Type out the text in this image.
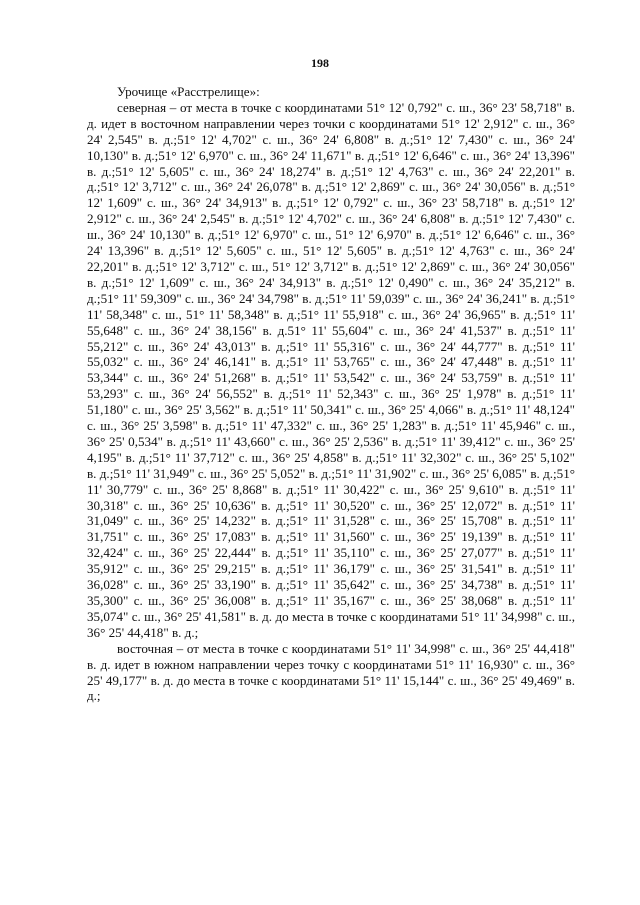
198

Урочище «Расстрелище»:

северная – от места в точке с координатами 51° 12' 0,792" с. ш., 36° 23' 58,718" в. д. идет в восточном направлении через точки с координатами 51° 12' 2,912" с. ш., 36° 24' 2,545" в. д.;51° 12' 4,702" с. ш., 36° 24' 6,808" в. д.;51° 12' 7,430" с. ш., 36° 24' 10,130" в. д.;51° 12' 6,970" с. ш., 36° 24' 11,671" в. д.;51° 12' 6,646" с. ш., 36° 24' 13,396" в. д.;51° 12' 5,605" с. ш., 36° 24' 18,274" в. д.;51° 12' 4,763" с. ш., 36° 24' 22,201" в. д.;51° 12' 3,712" с. ш., 36° 24' 26,078" в. д.;51° 12' 2,869" с. ш., 36° 24' 30,056" в. д.;51° 12' 1,609" с. ш., 36° 24' 34,913" в. д.;51° 12' 0,792" с. ш., 36° 23' 58,718" в. д.;51° 12' 2,912" с. ш., 36° 24' 2,545" в. д.;51° 12' 4,702" с. ш., 36° 24' 6,808" в. д.;51° 12' 7,430" с. ш., 36° 24' 10,130" в. д.;51° 12' 6,970" с. ш., 51° 12' 6,970" в. д.;51° 12' 6,646" с. ш., 36° 24' 13,396" в. д.;51° 12' 5,605" с. ш., 51° 12' 5,605" в. д.;51° 12' 4,763" с. ш., 36° 24' 22,201" в. д.;51° 12' 3,712" с. ш., 51° 12' 3,712" в. д.;51° 12' 2,869" с. ш., 36° 24' 30,056" в. д.;51° 12' 1,609" с. ш., 36° 24' 34,913" в. д.;51° 12' 0,490" с. ш., 36° 24' 35,212" в. д.;51° 11' 59,309" с. ш., 36° 24' 34,798" в. д.;51° 11' 59,039" с. ш., 36° 24' 36,241" в. д.;51° 11' 58,348" с. ш., 51° 11' 58,348" в. д.;51° 11' 55,918" с. ш., 36° 24' 36,965" в. д.;51° 11' 55,648" с. ш., 36° 24' 38,156" в. д.51° 11' 55,604" с. ш., 36° 24' 41,537" в. д.;51° 11' 55,212" с. ш., 36° 24' 43,013" в. д.;51° 11' 55,316" с. ш., 36° 24' 44,777" в. д.;51° 11' 55,032" с. ш., 36° 24' 46,141" в. д.;51° 11' 53,765" с. ш., 36° 24' 47,448" в. д.;51° 11' 53,344" с. ш., 36° 24' 51,268" в. д.;51° 11' 53,542" с. ш., 36° 24' 53,759" в. д.;51° 11' 53,293" с. ш., 36° 24' 56,552" в. д.;51° 11' 52,343" с. ш., 36° 25' 1,978" в. д.;51° 11' 51,180" с. ш., 36° 25' 3,562" в. д.;51° 11' 50,341" с. ш., 36° 25' 4,066" в. д.;51° 11' 48,124" с. ш., 36° 25' 3,598" в. д.;51° 11' 47,332" с. ш., 36° 25' 1,283" в. д.;51° 11' 45,946" с. ш., 36° 25' 0,534" в. д.;51° 11' 43,660" с. ш., 36° 25' 2,536" в. д.;51° 11' 39,412" с. ш., 36° 25' 4,195" в. д.;51° 11' 37,712" с. ш., 36° 25' 4,858" в. д.;51° 11' 32,302" с. ш., 36° 25' 5,102" в. д.;51° 11' 31,949" с. ш., 36° 25' 5,052" в. д.;51° 11' 31,902" с. ш., 36° 25' 6,085" в. д.;51° 11' 30,779" с. ш., 36° 25' 8,868" в. д.;51° 11' 30,422" с. ш., 36° 25' 9,610" в. д.;51° 11' 30,318" с. ш., 36° 25' 10,636" в. д.;51° 11' 30,520" с. ш., 36° 25' 12,072" в. д.;51° 11' 31,049" с. ш., 36° 25' 14,232" в. д.;51° 11' 31,528" с. ш., 36° 25' 15,708" в. д.;51° 11' 31,751" с. ш., 36° 25' 17,083" в. д.;51° 11' 31,560" с. ш., 36° 25' 19,139" в. д.;51° 11' 32,424" с. ш., 36° 25' 22,444" в. д.;51° 11' 35,110" с. ш., 36° 25' 27,077" в. д.;51° 11' 35,912" с. ш., 36° 25' 29,215" в. д.;51° 11' 36,179" с. ш., 36° 25' 31,541" в. д.;51° 11' 36,028" с. ш., 36° 25' 33,190" в. д.;51° 11' 35,642" с. ш., 36° 25' 34,738" в. д.;51° 11' 35,300" с. ш., 36° 25' 36,008" в. д.;51° 11' 35,167" с. ш., 36° 25' 38,068" в. д.;51° 11' 35,074" с. ш., 36° 25' 41,581" в. д. до места в точке с координатами 51° 11' 34,998" с. ш., 36° 25' 44,418" в. д.;

восточная – от места в точке с координатами 51° 11' 34,998" с. ш., 36° 25' 44,418" в. д. идет в южном направлении через точку с координатами 51° 11' 16,930" с. ш., 36° 25' 49,177" в. д. до места в точке с координатами 51° 11' 15,144" с. ш., 36° 25' 49,469" в. д.;
